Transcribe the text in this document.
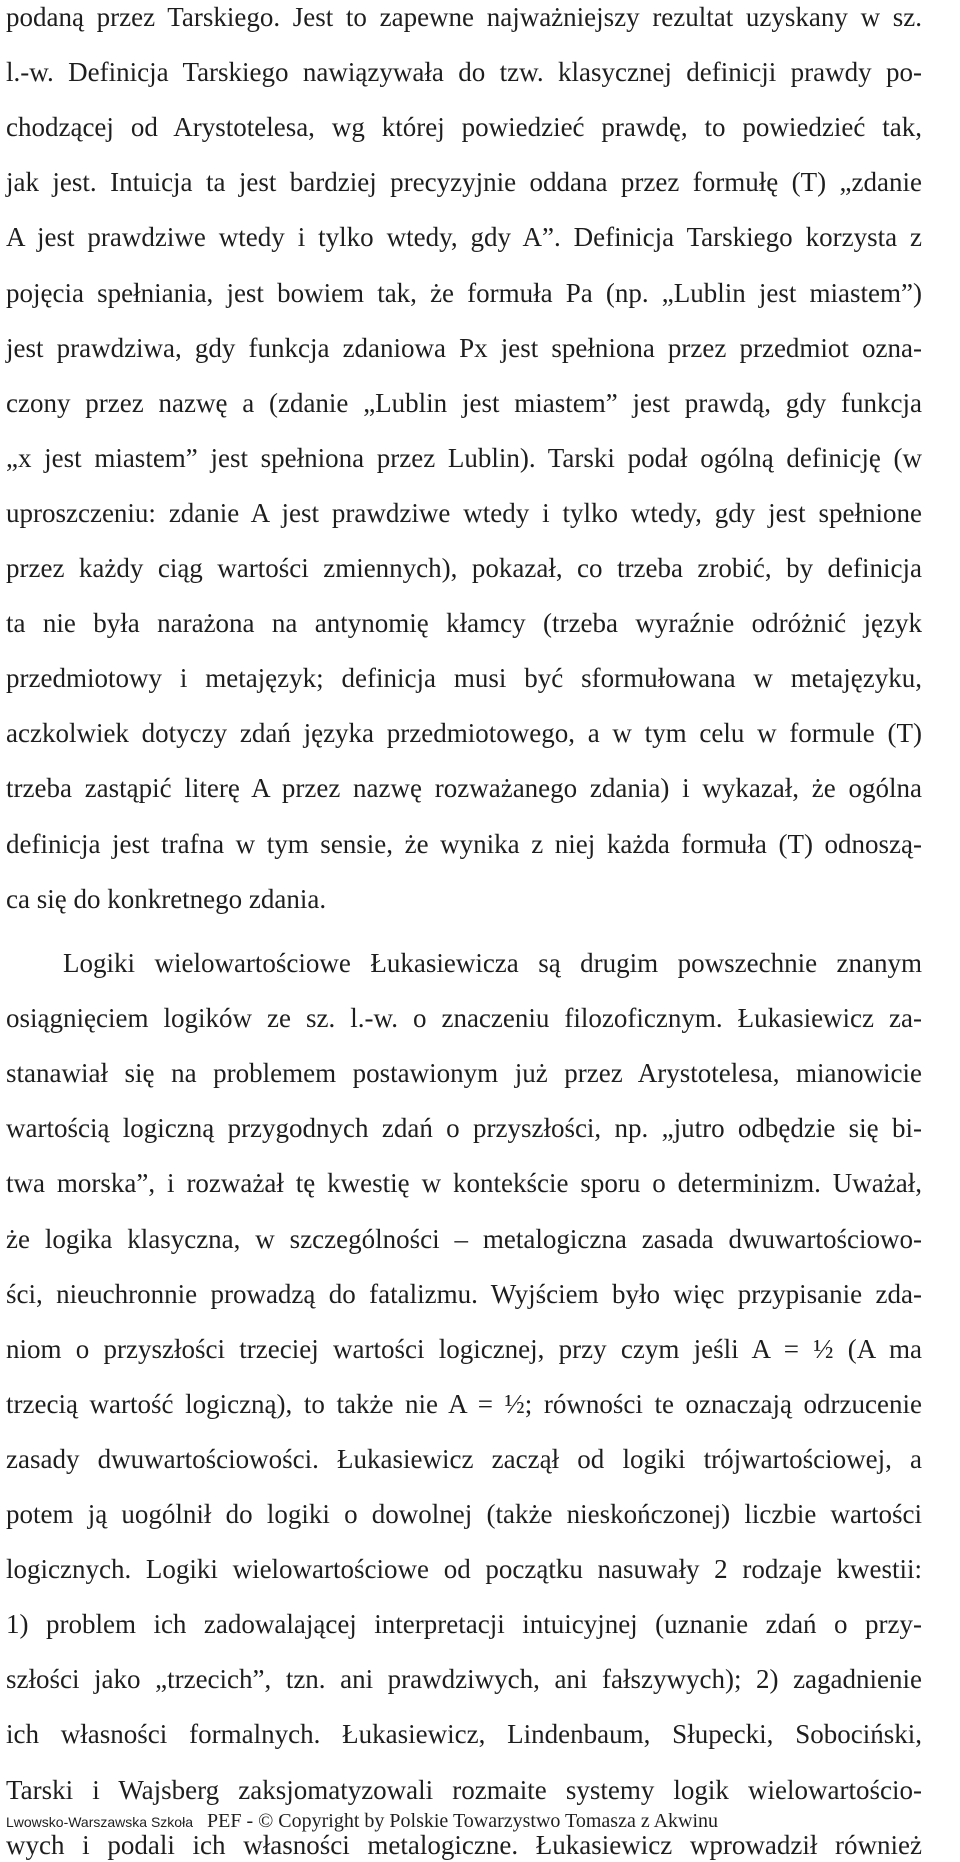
podaną przez Tarskiego. Jest to zapewne najważniejszy rezultat uzyskany w sz.
l.-w. Definicja Tarskiego nawiązywała do tzw. klasycznej definicji prawdy po-
chodzącej od Arystotelesa, wg której powiedzieć prawdę, to powiedzieć tak,
jak jest. Intuicja ta jest bardziej precyzyjnie oddana przez formułę (T) „zdanie
A jest prawdziwe wtedy i tylko wtedy, gdy A”. Definicja Tarskiego korzysta z
pojęcia spełniania, jest bowiem tak, że formuła Pa (np. „Lublin jest miastem”)
jest prawdziwa, gdy funkcja zdaniowa Px jest spełniona przez przedmiot ozna-
czony przez nazwę a (zdanie „Lublin jest miastem” jest prawdą, gdy funkcja
„x jest miastem” jest spełniona przez Lublin). Tarski podał ogólną definicję (w
uproszczeniu: zdanie A jest prawdziwe wtedy i tylko wtedy, gdy jest spełnione
przez każdy ciąg wartości zmiennych), pokazał, co trzeba zrobić, by definicja
ta nie była narażona na antynomię kłamcy (trzeba wyraźnie odróżnić język
przedmiotowy i metajęzyk; definicja musi być sformułowana w metajęzyku,
aczkolwiek dotyczy zdań języka przedmiotowego, a w tym celu w formule (T)
trzeba zastąpić literę A przez nazwę rozważanego zdania) i wykazał, że ogólna
definicja jest trafna w tym sensie, że wynika z niej każda formuła (T) odnoszą-
ca się do konkretnego zdania.
Logiki wielowartościowe Łukasiewicza są drugim powszechnie znanym
osiągnięciem logików ze sz. l.-w. o znaczeniu filozoficznym. Łukasiewicz za-
stanawiał się na problemem postawionym już przez Arystotelesa, mianowicie
wartością logiczną przygodnych zdań o przyszłości, np. „jutro odbędzie się bi-
twa morska”, i rozważał tę kwestię w kontekście sporu o determinizm. Uważał,
że logika klasyczna, w szczególności – metalogiczna zasada dwuwartościowo-
ści, nieuchronnie prowadzą do fatalizmu. Wyjściem było więc przypisanie zda-
niom o przyszłości trzeciej wartości logicznej, przy czym jeśli A = ½ (A ma
trzecią wartość logiczną), to także nie A = ½; równości te oznaczają odrzucenie
zasady dwuwartościowości. Łukasiewicz zaczął od logiki trójwartościowej, a
potem ją uogólnił do logiki o dowolnej (także nieskończonej) liczbie wartości
logicznych. Logiki wielowartościowe od początku nasuwały 2 rodzaje kwestii:
1) problem ich zadowalającej interpretacji intuicyjnej (uznanie zdań o przy-
szłości jako „trzecich”, tzn. ani prawdziwych, ani fałszywych); 2) zagadnienie
ich własności formalnych. Łukasiewicz, Lindenbaum, Słupecki, Sobociński,
Tarski i Wajsberg zaksjomatyzowali rozmaite systemy logik wielowartościo-
wych i podali ich własności metalogiczne. Łukasiewicz wprowadził również
Lwowsko-Warszawska Szkoła PEF - © Copyright by Polskie Towarzystwo Tomasza z Akwinu
